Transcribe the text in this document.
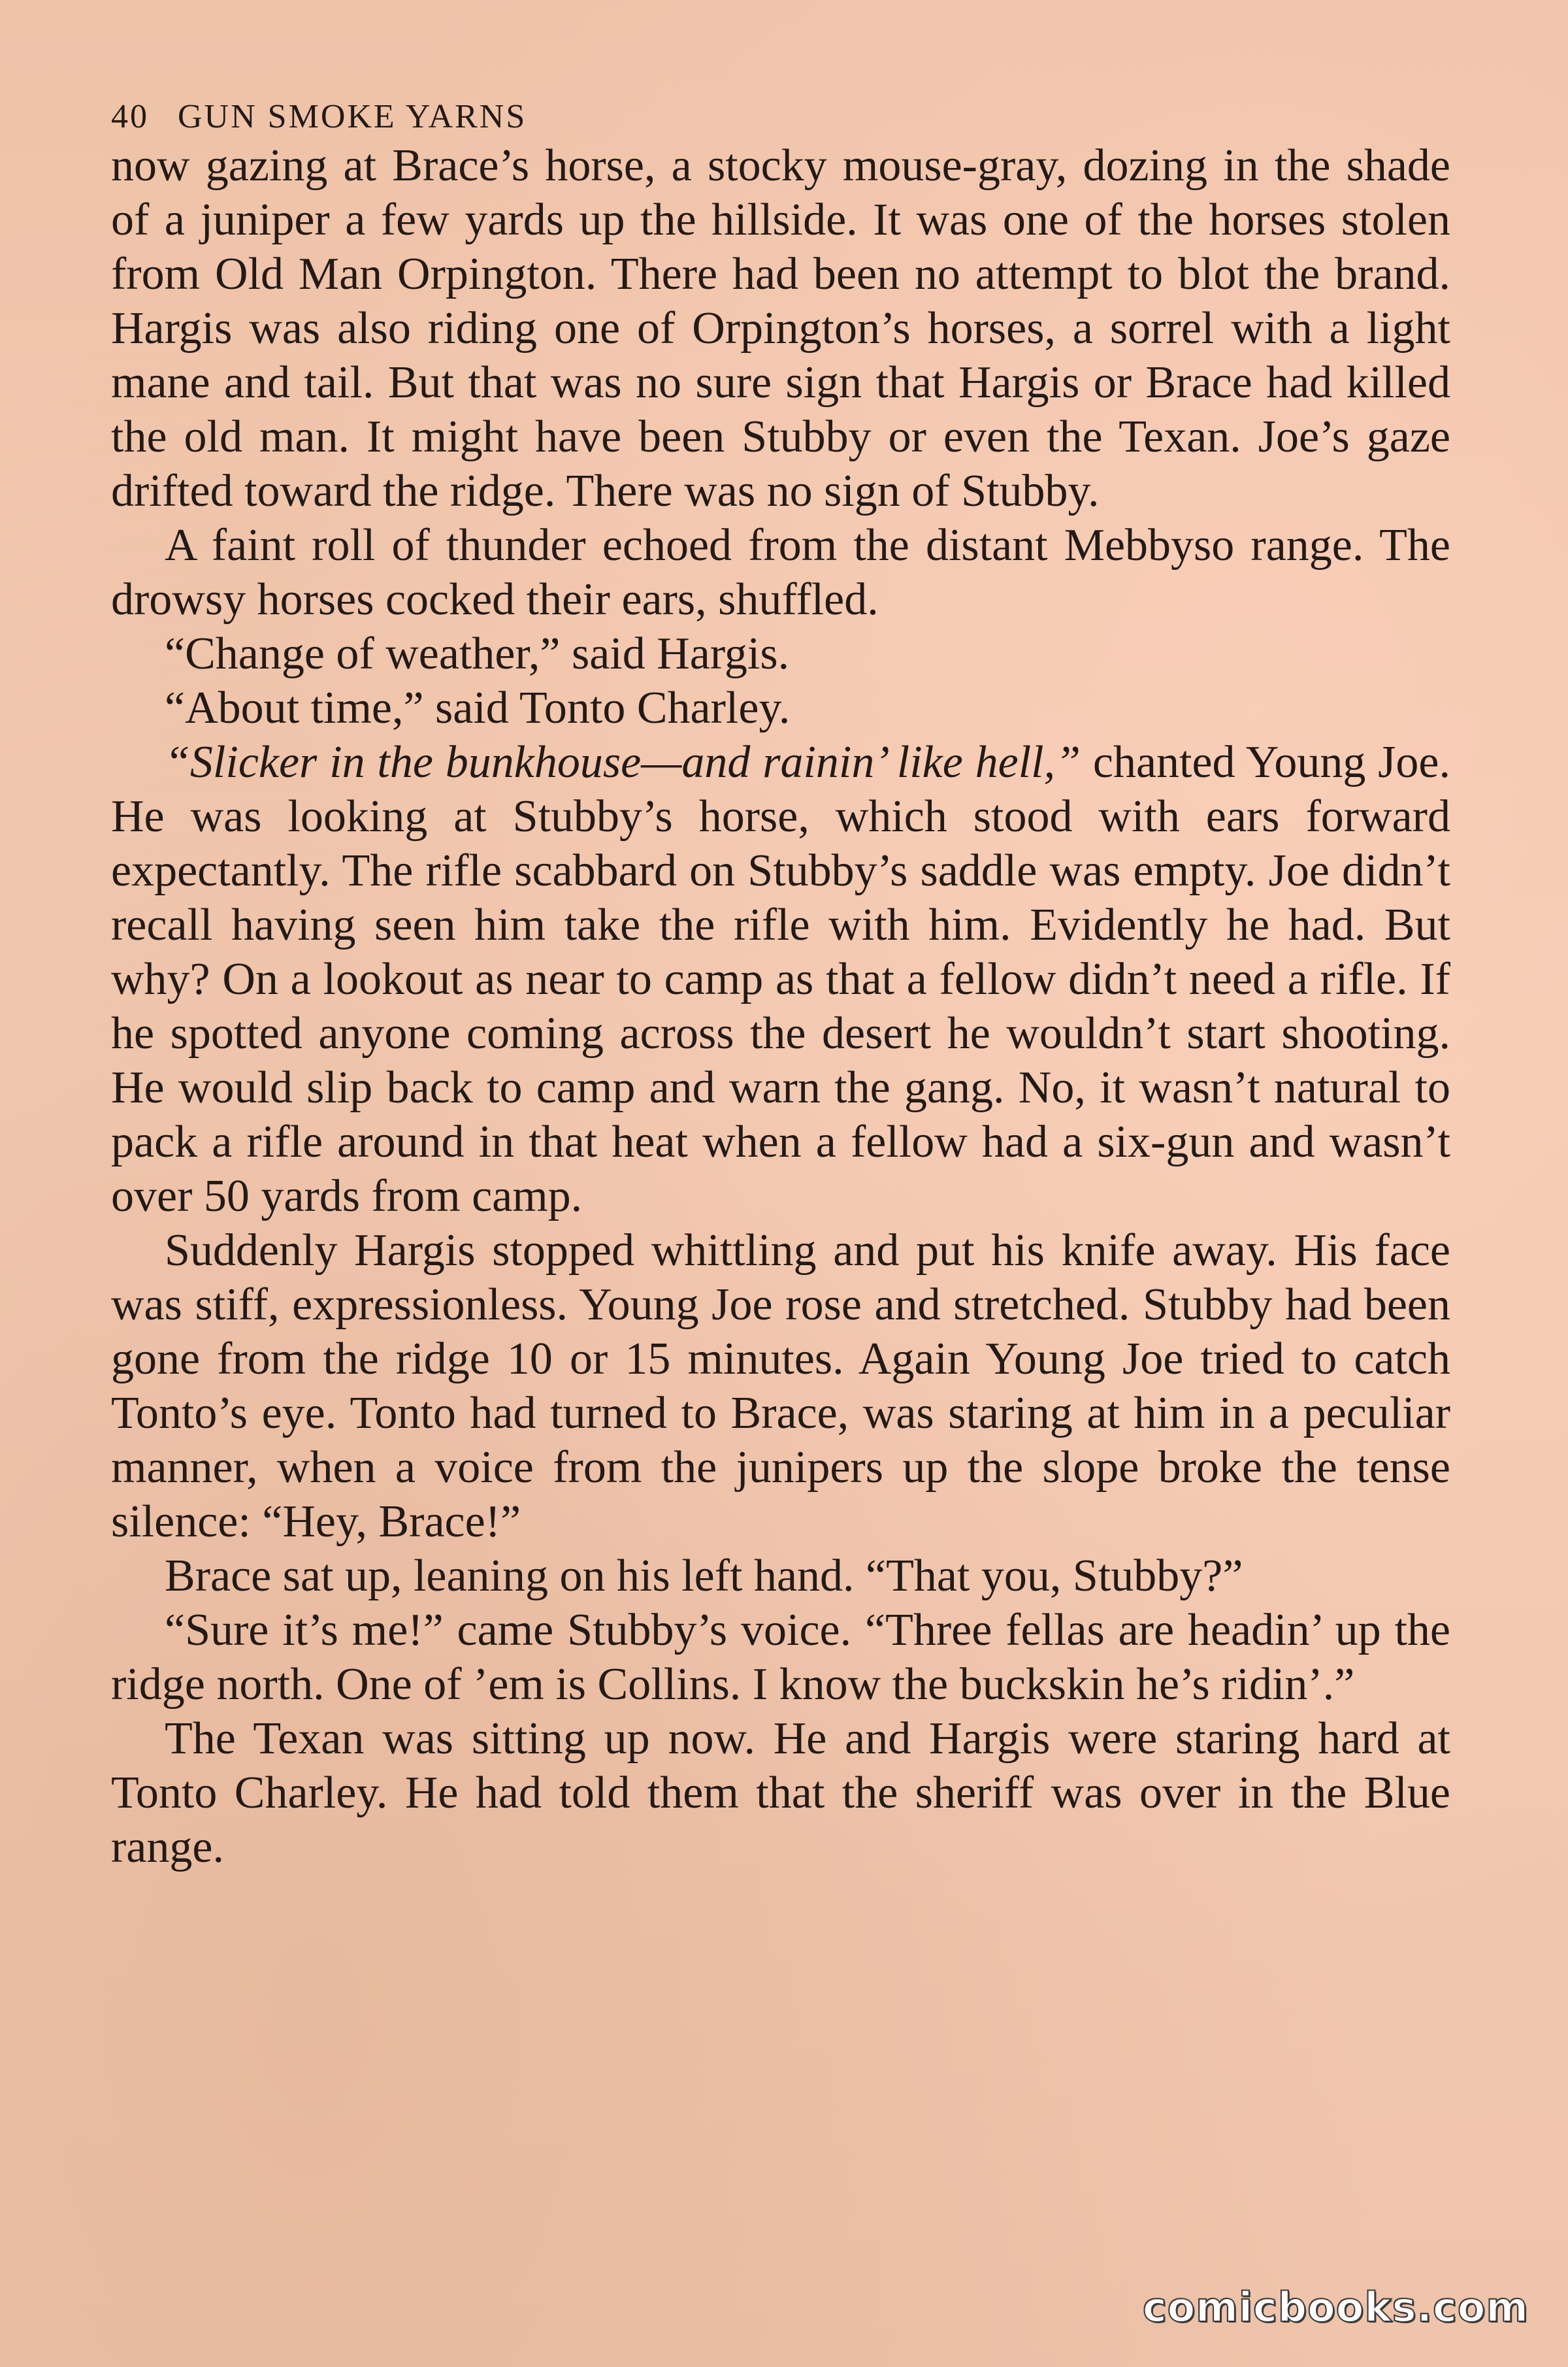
40 GUN SMOKE YARNS

now gazing at Brace’s horse, a stocky mouse-gray, dozing in the shade of a juniper a few yards up the hillside. It was one of the horses stolen from Old Man Orpington. There had been no attempt to blot the brand. Hargis was also riding one of Orpington’s horses, a sorrel with a light mane and tail. But that was no sure sign that Hargis or Brace had killed the old man. It might have been Stubby or even the Texan. Joe’s gaze drifted toward the ridge. There was no sign of Stubby.

A faint roll of thunder echoed from the distant Mebbyso range. The drowsy horses cocked their ears, shuffled.

“Change of weather,” said Hargis.

“About time,” said Tonto Charley.

“Slicker in the bunkhouse—and rainin’ like hell,” chanted Young Joe. He was looking at Stubby’s horse, which stood with ears forward expectantly. The rifle scabbard on Stubby’s saddle was empty. Joe didn’t recall having seen him take the rifle with him. Evidently he had. But why? On a lookout as near to camp as that a fellow didn’t need a rifle. If he spotted anyone coming across the desert he wouldn’t start shooting. He would slip back to camp and warn the gang. No, it wasn’t natural to pack a rifle around in that heat when a fellow had a six-gun and wasn’t over 50 yards from camp.

Suddenly Hargis stopped whittling and put his knife away. His face was stiff, expressionless. Young Joe rose and stretched. Stubby had been gone from the ridge 10 or 15 minutes. Again Young Joe tried to catch Tonto’s eye. Tonto had turned to Brace, was staring at him in a peculiar manner, when a voice from the junipers up the slope broke the tense silence: “Hey, Brace!”

Brace sat up, leaning on his left hand. “That you, Stubby?”

“Sure it’s me!” came Stubby’s voice. “Three fellas are headin’ up the ridge north. One of ’em is Collins. I know the buckskin he’s ridin’.”

The Texan was sitting up now. He and Hargis were staring hard at Tonto Charley. He had told them that the sheriff was over in the Blue range.

comicbooks.com
